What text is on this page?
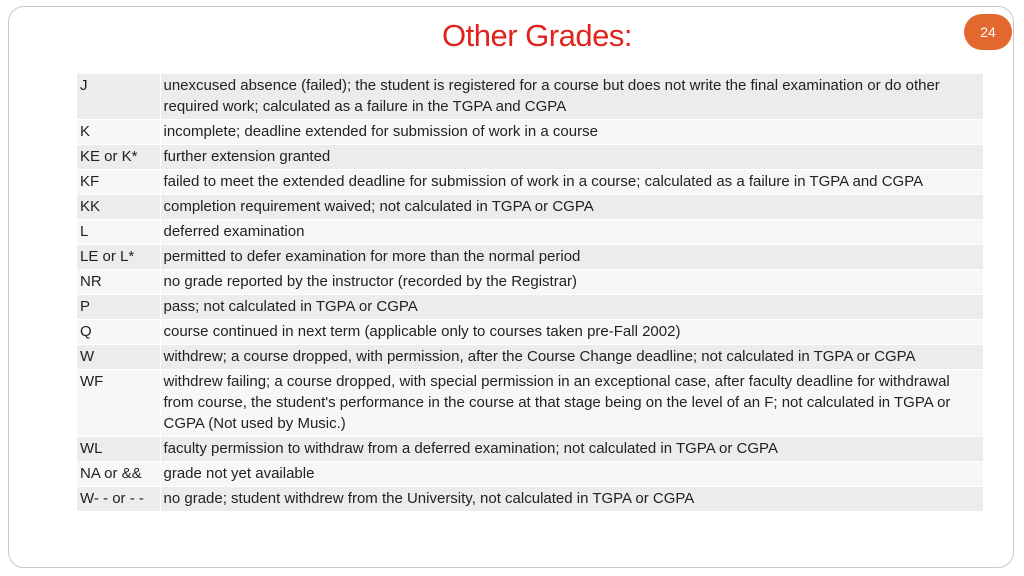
Other Grades:	24
J	unexcused absence (failed); the student is registered for a course but does not write the final examination or do other required work; calculated as a failure in the TGPA and CGPA
K	incomplete; deadline extended for submission of work in a course
KE or K*	further extension granted
KF	failed to meet the extended deadline for submission of work in a course; calculated as a failure in TGPA and CGPA
KK	completion requirement waived; not calculated in TGPA or CGPA
L	deferred examination
LE or L*	permitted to defer examination for more than the normal period
NR	no grade reported by the instructor (recorded by the Registrar)
P	pass; not calculated in TGPA or CGPA
Q	course continued in next term (applicable only to courses taken pre-Fall 2002)
W	withdrew; a course dropped, with permission, after the Course Change deadline; not calculated in TGPA or CGPA
WF	withdrew failing; a course dropped, with special permission in an exceptional case, after faculty deadline for withdrawal from course, the student's performance in the course at that stage being on the level of an F; not calculated in TGPA or CGPA (Not used by Music.)
WL	faculty permission to withdraw from a deferred examination; not calculated in TGPA or CGPA
NA or &&	grade not yet available
W- - or - -	no grade; student withdrew from the University, not calculated in TGPA or CGPA
